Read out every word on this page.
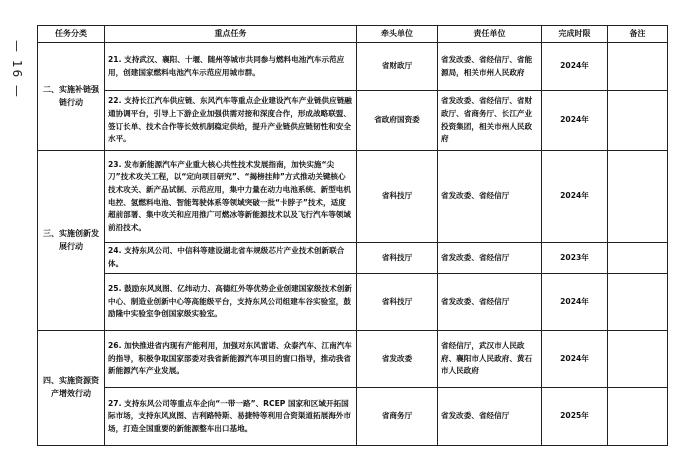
— 16 —
任务分类	重点任务	牵头单位	责任单位	完成时限	备注
二、实施补链强链行动	21. 支持武汉、襄阳、十堰、随州等城市共同参与燃料电池汽车示范应用，创建国家燃料电池汽车示范应用城市群。	省财政厅	省发改委、省经信厅、省能源局，相关市州人民政府	2024年	
	22. 支持长江汽车供应链、东风汽车等重点企业建设汽车产业链供应链融通协调平台，引导上下游企业加强供需对接和深度合作，形成战略联盟、签订长单、技术合作等长效机制稳定供给，提升产业链供应链韧性和安全水平。	省政府国资委	省发改委、省经信厅、省财政厅、省商务厅、长江产业投资集团，相关市州人民政府	2024年	
三、实施创新发展行动	23. 发布新能源汽车产业重大核心共性技术发展指南，加快实施“尖刀”技术攻关工程，以“定向项目研究”、“揭榜挂帅”方式推动关键核心技术攻关、新产品试制、示范应用，集中力量在动力电池系统、新型电机电控、氢燃料电池、智能驾驶体系等领域突破一批“卡脖子”技术，适度超前部署、集中攻关和应用推广可燃冰等新能源技术以及飞行汽车等领域前沿技术。	省科技厅	省发改委、省经信厅	2024年	
	24. 支持东风公司、中信科等建设湖北省车规级芯片产业技术创新联合体。	省科技厅	省发改委、省经信厅	2023年	
	25. 鼓励东风岚图、亿纬动力、高德红外等优势企业创建国家级技术创新中心、制造业创新中心等高能级平台，支持东风公司组建车谷实验室，鼓励隆中实验室争创国家级实验室。	省科技厅	省发改委、省经信厅	2024年	
四、实施资源资产增效行动	26. 加快推进省内现有产能利用，加强对东风雷诺、众泰汽车、江南汽车的指导，积极争取国家部委对我省新能源汽车项目的窗口指导，推动我省新能源汽车产业发展。	省发改委	省经信厅，武汉市人民政府、襄阳市人民政府、黄石市人民政府	2024年	
	27. 支持东风公司等重点车企向“一带一路”、RCEP 国家和区域开拓国际市场，支持东风岚图、吉利路特斯、易捷特等利用合资渠道拓展海外市场，打造全国重要的新能源整车出口基地。	省商务厅	省发改委、省经信厅	2025年	
